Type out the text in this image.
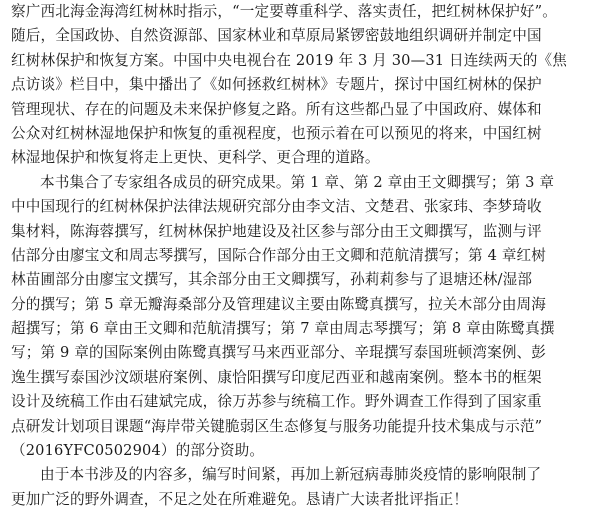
察广西北海金海湾红树林时指示，“一定要尊重科学、落实责任，把红树林保护好”。
随后，全国政协、自然资源部、国家林业和草原局紧锣密鼓地组织调研并制定中国
红树林保护和恢复方案。中国中央电视台在 2019 年 3 月 30—31 日连续两天的《焦
点访谈》栏目中，集中播出了《如何拯救红树林》专题片，探讨中国红树林的保护
管理现状、存在的问题及未来保护修复之路。所有这些都凸显了中国政府、媒体和
公众对红树林湿地保护和恢复的重视程度，也预示着在可以预见的将来，中国红树
林湿地保护和恢复将走上更快、更科学、更合理的道路。
本书集合了专家组各成员的研究成果。第 1 章、第 2 章由王文卿撰写；第 3 章
中中国现行的红树林保护法律法规研究部分由李文洁、文楚君、张家玮、李梦琦收
集材料，陈海蓉撰写，红树林保护地建设及社区参与部分由王文卿撰写，监测与评
估部分由廖宝文和周志琴撰写，国际合作部分由王文卿和范航清撰写；第 4 章红树
林苗圃部分由廖宝文撰写，其余部分由王文卿撰写，孙莉莉参与了退塘还林/湿部
分的撰写；第 5 章无瓣海桑部分及管理建议主要由陈鹭真撰写，拉关木部分由周海
超撰写；第 6 章由王文卿和范航清撰写；第 7 章由周志琴撰写；第 8 章由陈鹭真撰
写；第 9 章的国际案例由陈鹭真撰写马来西亚部分、辛琨撰写泰国班顿湾案例、彭
逸生撰写泰国沙汶颂堪府案例、康恰阳撰写印度尼西亚和越南案例。整本书的框架
设计及统稿工作由石建斌完成，徐万苏参与统稿工作。野外调查工作得到了国家重
点研发计划项目课题“海岸带关键脆弱区生态修复与服务功能提升技术集成与示范”
（2016YFC0502904）的部分资助。
由于本书涉及的内容多，编写时间紧，再加上新冠病毒肺炎疫情的影响限制了
更加广泛的野外调查，不足之处在所难避免。恳请广大读者批评指正！
